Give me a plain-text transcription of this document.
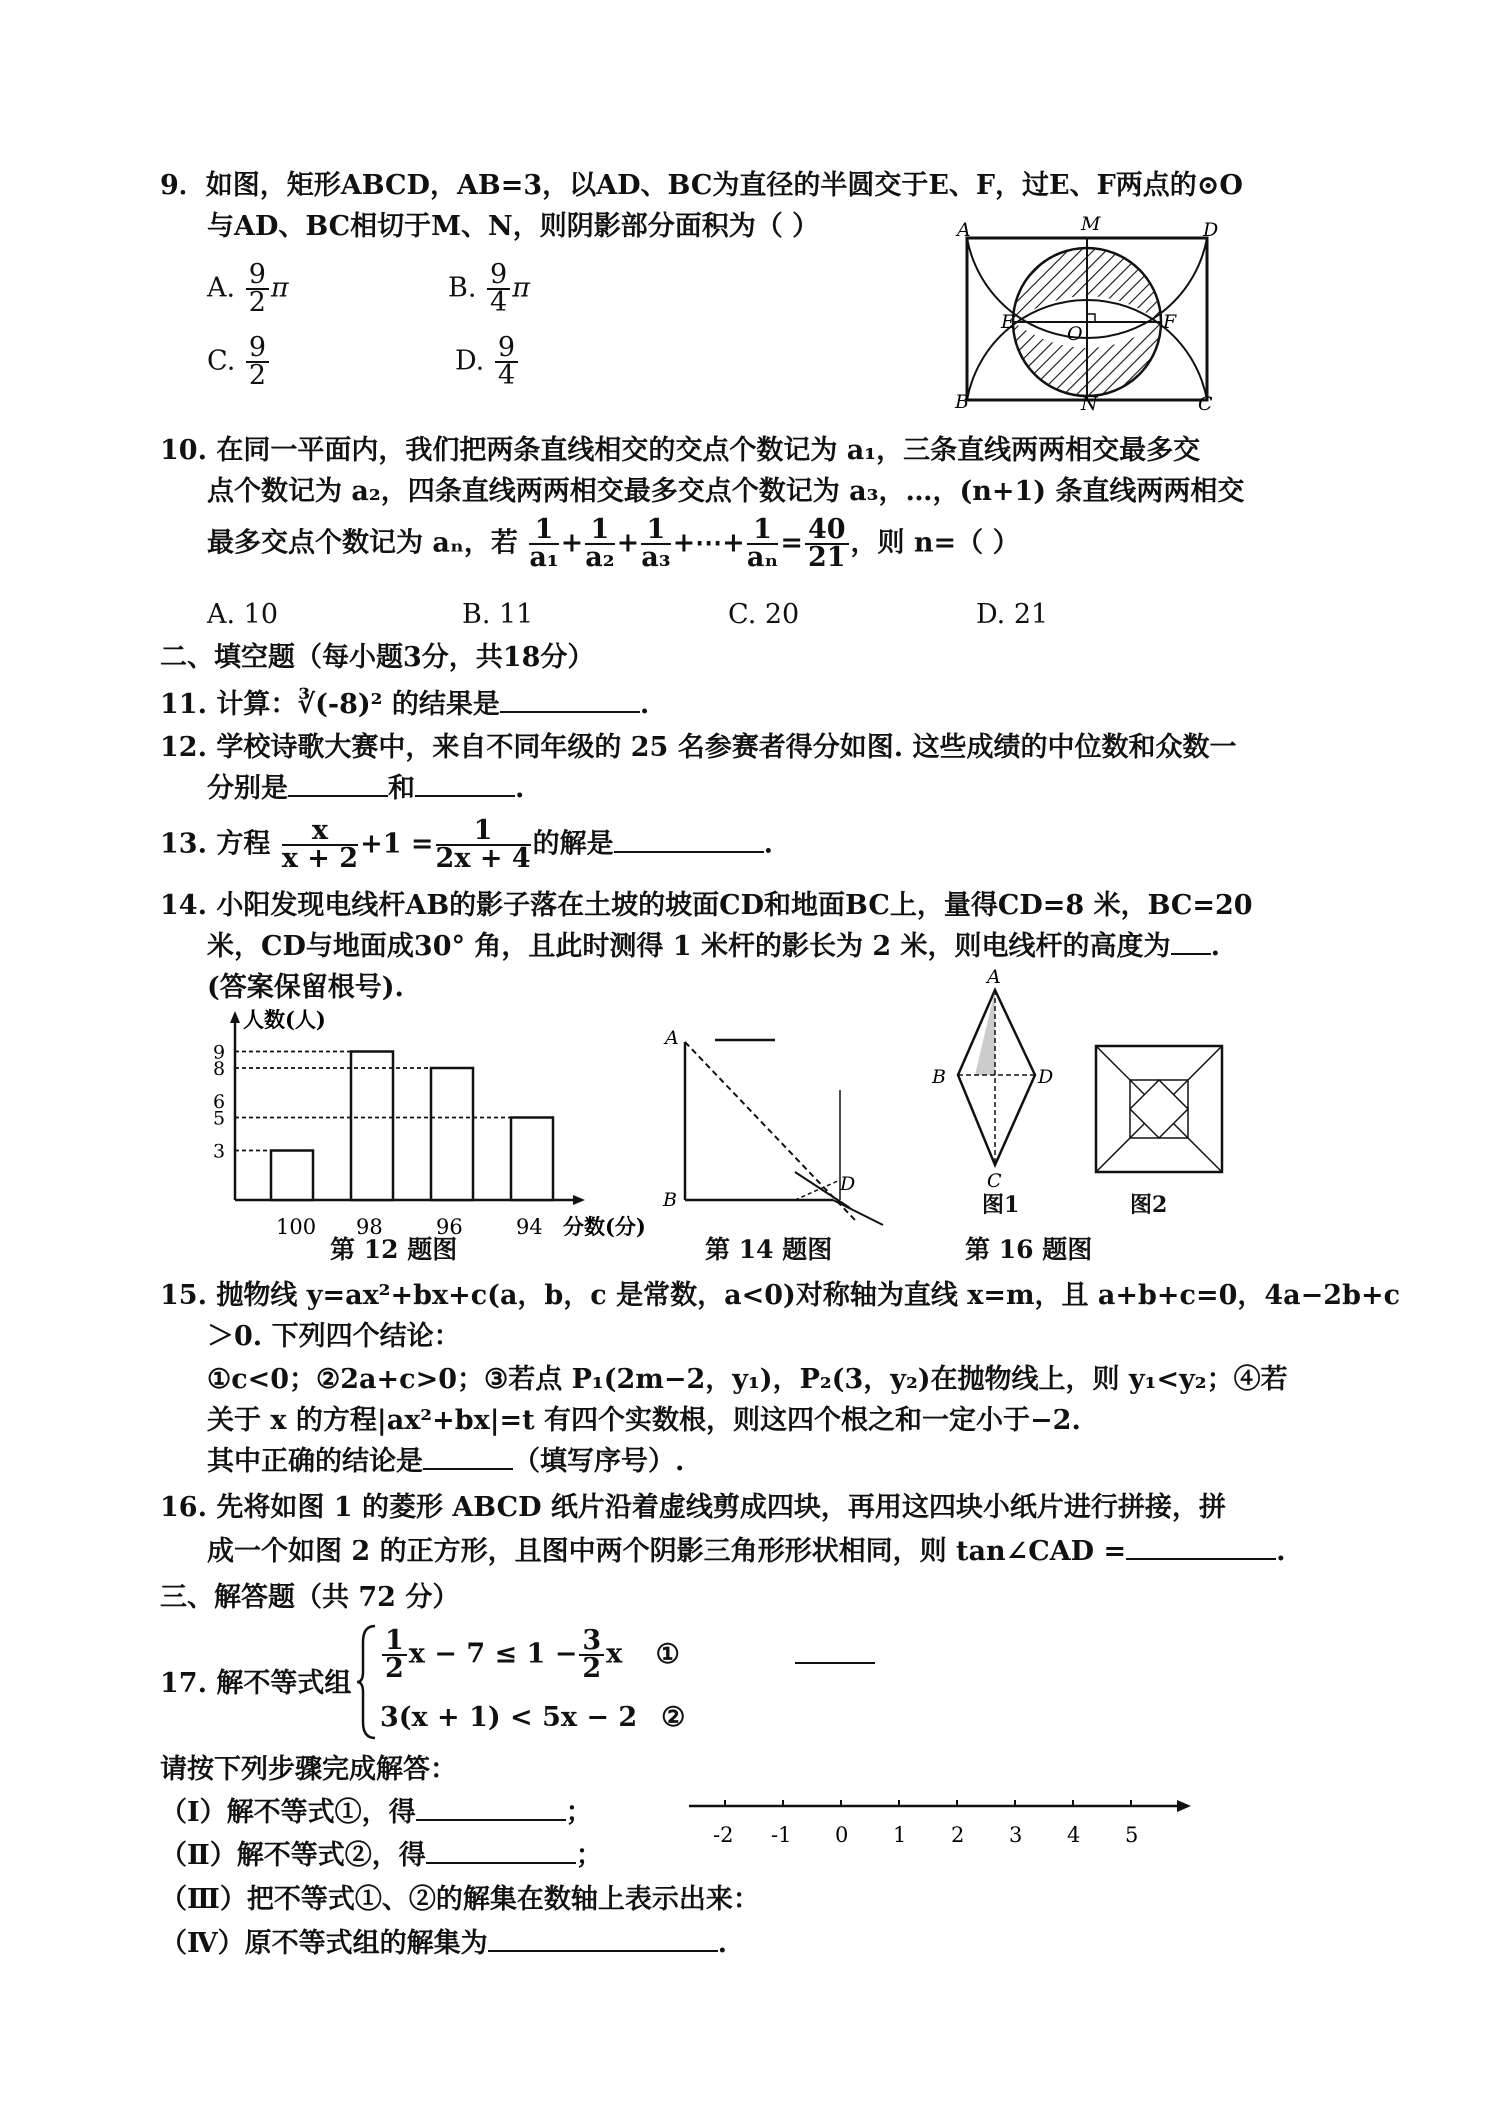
9．如图，矩形ABCD，AB=3，以AD、BC为直径的半圆交于E、F，过E、F两点的⊙O
与AD、BC相切于M、N，则阴影部分面积为（ ）
A. $\frac{9}{2}$ π	B. $\frac{9}{4}$ π
C. $\frac{9}{2}$	D. $\frac{9}{4}$
A	D
M
E
O
F
B	N	C
10. 在同一平面内，我们把两条直线相交的交点个数记为 a₁，三条直线两两相交最多交
点个数记为 a₂，四条直线两两相交最多交点个数记为 a₃，…，(n+1) 条直线两两相交
最多交点个数记为 aₙ，若 $\frac{1}{\text{a₁}} + \frac{1}{\text{a₂}} + \frac{1}{\text{a₃}}$ +⋯+ $\frac{1}{\text{aₙ}} = \frac{40}{21}$ ，则 n=（ ）
A. 10	B. 11	C. 20	D. 21
二、填空题（每小题3分，共18分）
11. 计算：∛(-8)² 的结果是	.
12. 学校诗歌大赛中，来自不同年级的 25 名参赛者得分如图. 这些成绩的中位数和众数一
分别是	和	.
13. 方程 $\frac{x}{x + 2} +1 = \frac{1}{2x + 4}$ 的解是	.
14. 小阳发现电线杆AB的影子落在土坡的坡面CD和地面BC上，量得CD=8 米，BC=20
米，CD与地面成30° 角，且此时测得 1 米杆的影长为 2 米，则电线杆的高度为 .
(答案保留根号).
人数(人)
3
5
6
8
9
100 98	96	94 分数(分)
A
B
D
A
B	D
C
图1	图2
第 12 题图	第 14 题图	第 16 题图
15. 抛物线 y=ax²+bx+c(a，b，c 是常数，a<0)对称轴为直线 x=m，且 a+b+c=0，4a−2b+c
＞0. 下列四个结论：
①c<0；②2a+c>0；③若点 P₁(2m−2，y₁)，P₂(3，y₂)在抛物线上，则 y₁<y₂；④若
关于 x 的方程|ax²+bx|=t 有四个实数根，则这四个根之和一定小于−2.
其中正确的结论是	（填写序号）.
16. 先将如图 1 的菱形 ABCD 纸片沿着虚线剪成四块，再用这四块小纸片进行拼接，拼
成一个如图 2 的正方形，且图中两个阴影三角形形状相同，则 tan∠CAD =	.
三、解答题（共 72 分）
17. 解不等式组
$\frac{1}{2}$ $x - 7 \le 1 - \frac{3}{2}$ x ①
3(x + 1) < 5x − 2 ②
请按下列步骤完成解答：
（Ⅰ）解不等式①，得	；
（Ⅱ）解不等式②，得	；
（Ⅲ）把不等式①、②的解集在数轴上表示出来：
（Ⅳ）原不等式组的解集为	.
-2 -1 0 1 2 3 4 5
